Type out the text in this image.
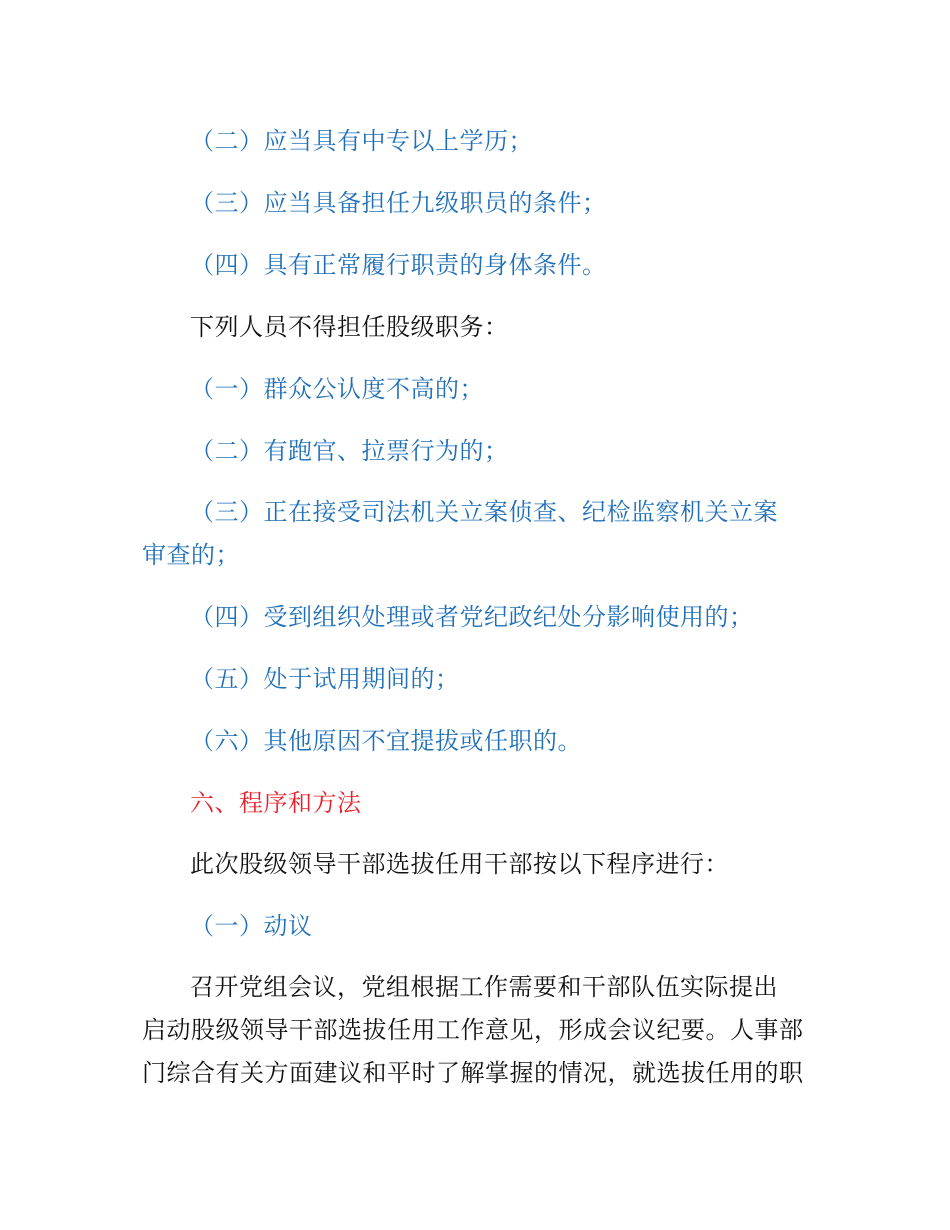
（二）应当具有中专以上学历；
（三）应当具备担任九级职员的条件；
（四）具有正常履行职责的身体条件。
下列人员不得担任股级职务：
（一）群众公认度不高的；
（二）有跑官、拉票行为的；
（三）正在接受司法机关立案侦查、纪检监察机关立案
审查的；
（四）受到组织处理或者党纪政纪处分影响使用的；
（五）处于试用期间的；
（六）其他原因不宜提拔或任职的。
六、程序和方法
此次股级领导干部选拔任用干部按以下程序进行：
（一）动议
召开党组会议，党组根据工作需要和干部队伍实际提出
启动股级领导干部选拔任用工作意见，形成会议纪要。人事部
门综合有关方面建议和平时了解掌握的情况，就选拔任用的职
